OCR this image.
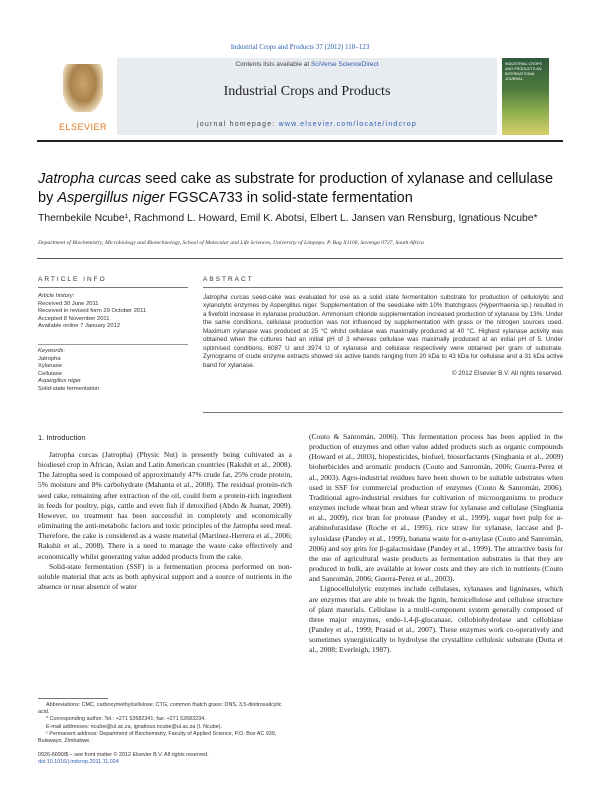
Industrial Crops and Products 37 (2012) 118–123
ELSEVIER
Contents lists available at SciVerse ScienceDirect
Industrial Crops and Products
journal homepage: www.elsevier.com/locate/indcrop
INDUSTRIAL CROPS AND PRODUCTS AN INTERNATIONAL JOURNAL
Jatropha curcas seed cake as substrate for production of xylanase and cellulase by Aspergillus niger FGSCA733 in solid-state fermentation
Thembekile Ncube¹, Rachmond L. Howard, Emil K. Abotsi, Elbert L. Jansen van Rensburg, Ignatious Ncube*
Department of Biochemistry, Microbiology and Biotechnology, School of Molecular and Life Sciences, University of Limpopo, P. Bag X1106, Sovenga 0727, South Africa
ARTICLE INFO	ABSTRACT
Article history:
Received 30 June 2011
Received in revised form 29 October 2011
Accepted 8 November 2011
Available online 7 January 2012
Keywords:
Jatropha
Xylanase
Cellulase
Aspergillus niger
Solid-state fermentation
Jatropha curcas seed-cake was evaluated for use as a solid state fermentation substrate for production of cellulolytic and xylanolytic enzymes by Aspergillus niger. Supplementation of the seedcake with 10% thatchgrass (Hyperrhaenia sp.) resulted in a fivefold increase in xylanase production. Ammonium chloride supplementation increased production of xylanase by 13%. Under the same conditions, cellulase production was not influenced by supplementation with grass or the nitrogen sources used. Maximum xylanase was produced at 25 °C whilst cellulase was maximally produced at 40 °C. Highest xylanase activity was obtained when the cultures had an initial pH of 3 whereas cellulase was maximally produced at an initial pH of 5. Under optimised conditions, 6087 U and 3974 U of xylanase and cellulase respectively were obtained per gram of substrate. Zymograms of crude enzyme extracts showed six active bands ranging from 20 kDa to 43 kDa for cellulase and a 31 kDa active band for xylanase.
© 2012 Elsevier B.V. All rights reserved.
1. Introduction

Jatropha curcas (Jatropha) (Physic Nut) is presently being cultivated as a biodiesel crop in African, Asian and Latin American countries (Rakshit et al., 2008). The Jatropha seed is composed of approximately 47% crude fat, 25% crude protein, 5% moisture and 8% carbohydrate (Mahanta et al., 2008). The residual protein-rich seed cake, remaining after extraction of the oil, could form a protein-rich ingredient in feeds for poultry, pigs, cattle and even fish if detoxified (Abdo & Juanat, 2009). However, no treatment has been successful in completely and economically eliminating the anti-metabolic factors and toxic principles of the Jatropha seed meal. Therefore, the cake is considered as a waste material (Martínez-Herrera et al., 2006; Rakshit et al., 2008). There is a need to manage the waste cake effectively and economically whilst generating value added products from the cake.

Solid-state fermentation (SSF) is a fermentation process performed on non-soluble material that acts as both aphysical support and a source of nutrients in the absence or near absence of water

(Couto & Sanromán, 2006). This fermentation process has been applied in the production of enzymes and other value added products such as organic compounds (Howard et al., 2003), biopesticides, biofuel, biosurfactants (Singhania et al., 2009) bioherbicides and aromatic products (Couto and Sanromán, 2006; Guerra-Perez et al., 2003). Agro-industrial residues have been shown to be suitable substrates when used in SSF for commercial production of enzymes (Couto & Sanromán, 2006). Traditional agro-industrial residues for cultivation of microorganisms to produce enzymes include wheat bran and wheat straw for xylanase and cellulase (Singhania et al., 2009), rice bran for protease (Pandey et al., 1999), sugar beet pulp for α-arabinofurasidase (Roche et al., 1995), rice straw for xylanase, laccase and β-xylosidase (Pandey et al., 1999), banana waste for α-amylase (Couto and Sanromán, 2006) and soy grits for β-galactosidase (Pandey et al., 1999). The attractive basis for the use of agricultural waste products as fermentation substrates is that they are produced in bulk, are available at lower costs and they are rich in nutrients (Couto and Sanromán, 2006; Guerra-Perez et al., 2003).

Lignocellulolytic enzymes include cellulases, xylanases and ligninases, which are enzymes that are able to break the lignin, hemicellulose and cellulose structure of plant materials. Cellulase is a multi-component system generally composed of three major enzymes, endo-1,4-β-glucanase, cellobiohydrolase and cellobiase (Pandey et al., 1999; Prasad et al., 2007). These enzymes work co-operatively and sometimes synergistically to hydrolyse the crystalline cellulosic substrate (Dutta et al., 2008; Everleigh, 1987).

Abbreviations: CMC, carboxymethylcellulose; CTG, common thatch grass; DNS, 3,5-dinitrosalicylic acid.

* Corresponding author. Tel.: +271 52682341; fax: +271 52683234.

E-mail addresses: ncubei@ul.ac.za, ignatious.ncube@ul.ac.za (I. Ncube).

¹ Permanent address: Department of Biochemistry, Faculty of Applied Science, P.O. Box AC 939, Bulawayo, Zimbabwe.

0926-6690/$ – see front matter © 2012 Elsevier B.V. All rights reserved.
doi:10.1016/j.indcrop.2011.11.024
